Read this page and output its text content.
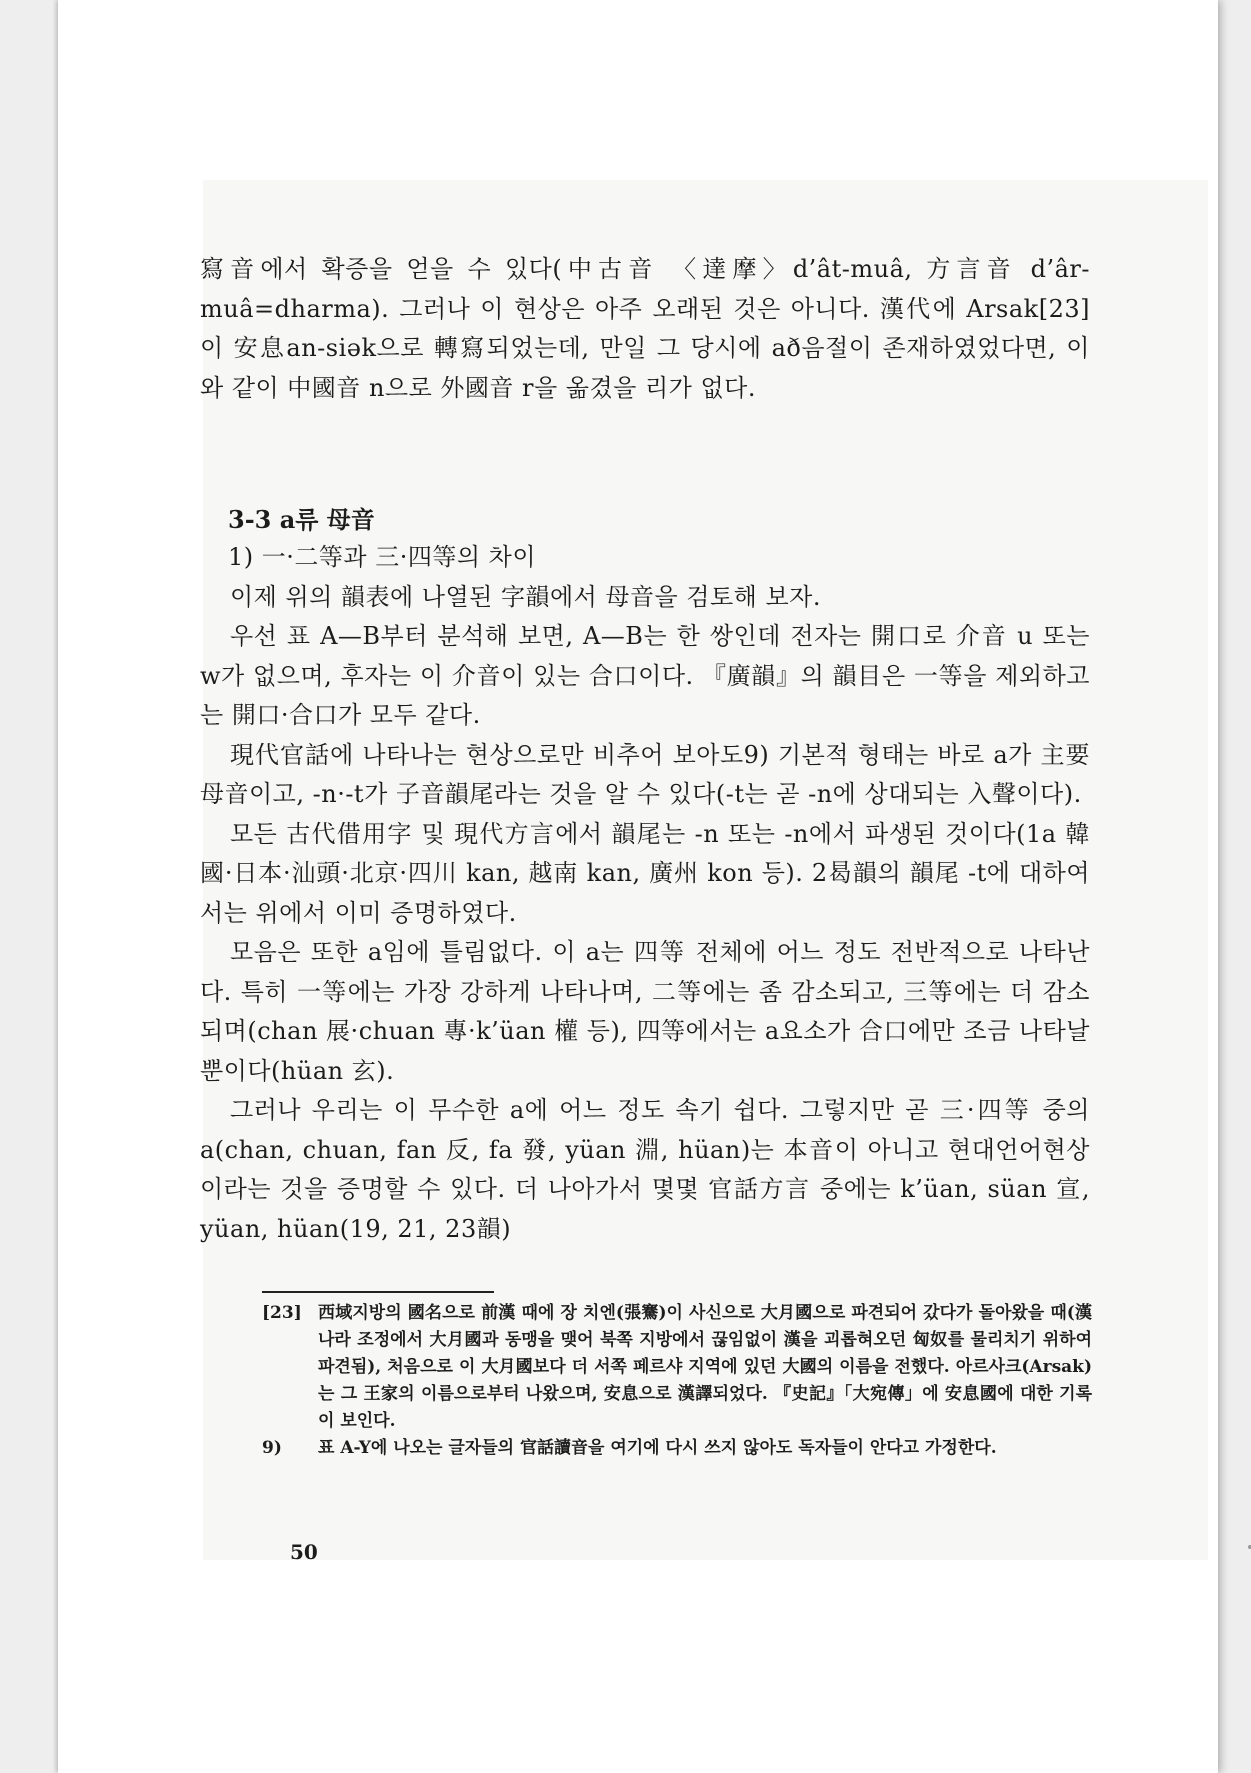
寫音에서 확증을 얻을 수 있다(中古音 〈達摩〉d’ât-muâ, 方言音 d’âr-muâ=dharma). 그러나 이 현상은 아주 오래된 것은 아니다. 漢代에 Arsak[23]이 安息an-siək으로 轉寫되었는데, 만일 그 당시에 að음절이 존재하였었다면, 이와 같이 中國音 n으로 外國音 r을 옮겼을 리가 없다.

3-3 a류 母音

1) 一·二等과 三·四等의 차이

이제 위의 韻表에 나열된 字韻에서 母音을 검토해 보자.

우선 표 A—B부터 분석해 보면, A—B는 한 쌍인데 전자는 開口로 介音 u 또는 w가 없으며, 후자는 이 介音이 있는 合口이다. 『廣韻』의 韻目은 一等을 제외하고는 開口·合口가 모두 같다.

現代官話에 나타나는 현상으로만 비추어 보아도9) 기본적 형태는 바로 a가 主要母音이고, -n·-t가 子音韻尾라는 것을 알 수 있다(-t는 곧 -n에 상대되는 入聲이다).

모든 古代借用字 및 現代方言에서 韻尾는 -n 또는 -n에서 파생된 것이다(1a 韓國·日本·汕頭·北京·四川 kan, 越南 kan, 廣州 kon 등). 2曷韻의 韻尾 -t에 대하여서는 위에서 이미 증명하였다.

모음은 또한 a임에 틀림없다. 이 a는 四等 전체에 어느 정도 전반적으로 나타난다. 특히 一等에는 가장 강하게 나타나며, 二等에는 좀 감소되고, 三等에는 더 감소되며(chan 展·chuan 專·k’üan 權 등), 四等에서는 a요소가 合口에만 조금 나타날 뿐이다(hüan 玄).

그러나 우리는 이 무수한 a에 어느 정도 속기 쉽다. 그렇지만 곧 三·四等 중의 a(chan, chuan, fan 反, fa 發, yüan 淵, hüan)는 本音이 아니고 현대언어현상이라는 것을 증명할 수 있다. 더 나아가서 몇몇 官話方言 중에는 k’üan, süan 宣, yüan, hüan(19, 21, 23韻)

[23] 西域지방의 國名으로 前漢 때에 장 치엔(張騫)이 사신으로 大月國으로 파견되어 갔다가 돌아왔을 때(漢나라 조정에서 大月國과 동맹을 맺어 북쪽 지방에서 끊임없이 漢을 괴롭혀오던 匈奴를 물리치기 위하여 파견됨), 처음으로 이 大月國보다 더 서쪽 페르샤 지역에 있던 大國의 이름을 전했다. 아르사크(Arsak)는 그 王家의 이름으로부터 나왔으며, 安息으로 漢譯되었다. 『史記』「大宛傳」에 安息國에 대한 기록이 보인다.
9)	표 A-Y에 나오는 글자들의 官話讀音을 여기에 다시 쓰지 않아도 독자들이 안다고 가정한다.
50
